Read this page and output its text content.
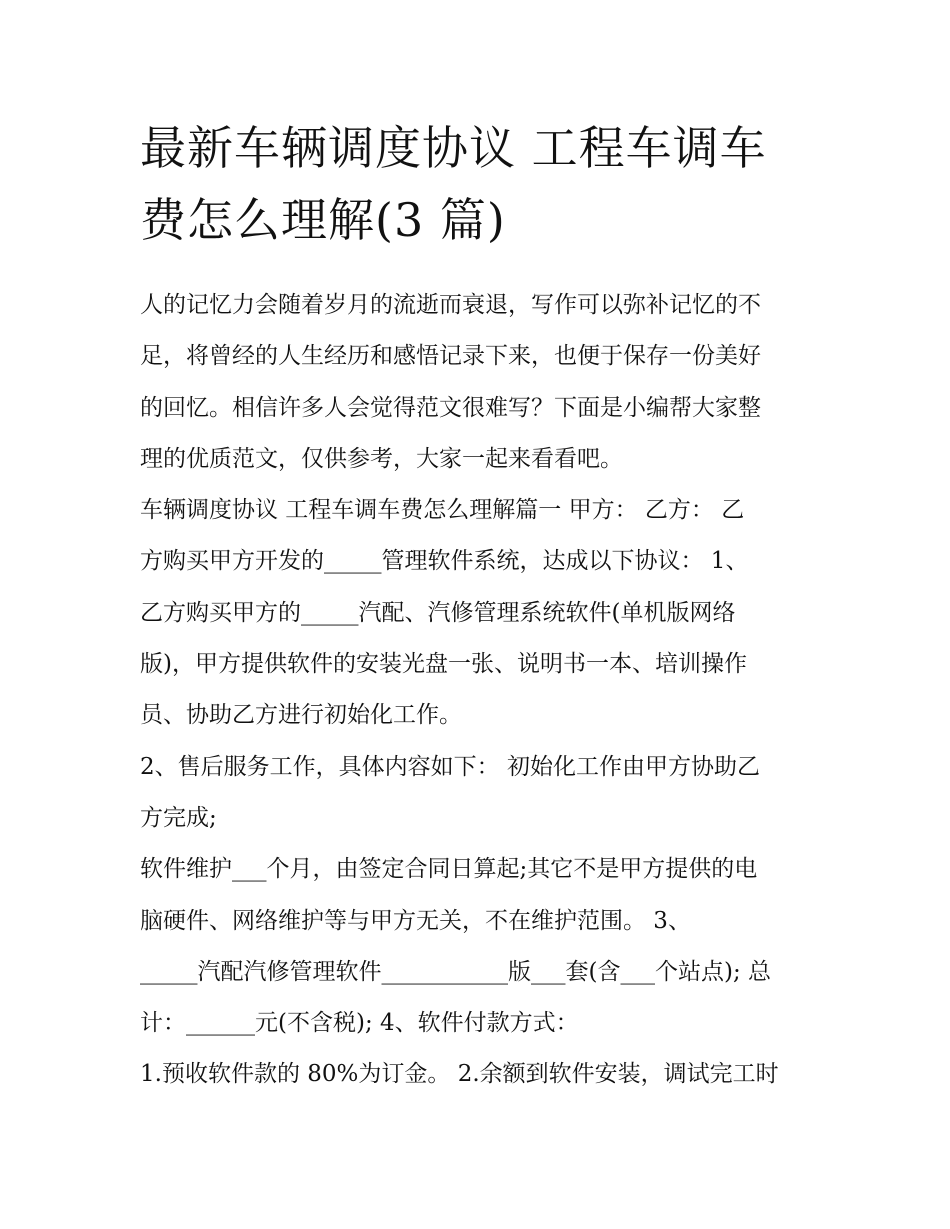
最新车辆调度协议 工程车调车
费怎么理解(3 篇)
人的记忆力会随着岁月的流逝而衰退，写作可以弥补记忆的不
足，将曾经的人生经历和感悟记录下来，也便于保存一份美好
的回忆。相信许多人会觉得范文很难写？下面是小编帮大家整
理的优质范文，仅供参考，大家一起来看看吧。
车辆调度协议 工程车调车费怎么理解篇一 甲方： 乙方： 乙
方购买甲方开发的_____管理软件系统，达成以下协议： 1、
乙方购买甲方的_____汽配、汽修管理系统软件(单机版网络
版)，甲方提供软件的安装光盘一张、说明书一本、培训操作
员、协助乙方进行初始化工作。
2、售后服务工作，具体内容如下： 初始化工作由甲方协助乙
方完成;
软件维护___个月，由签定合同日算起;其它不是甲方提供的电
脑硬件、网络维护等与甲方无关，不在维护范围。 3、
_____汽配汽修管理软件___________版___套(含___个站点); 总
计：______元(不含税); 4、软件付款方式：
1.预收软件款的 80%为订金。 2.余额到软件安装，调试完工时
